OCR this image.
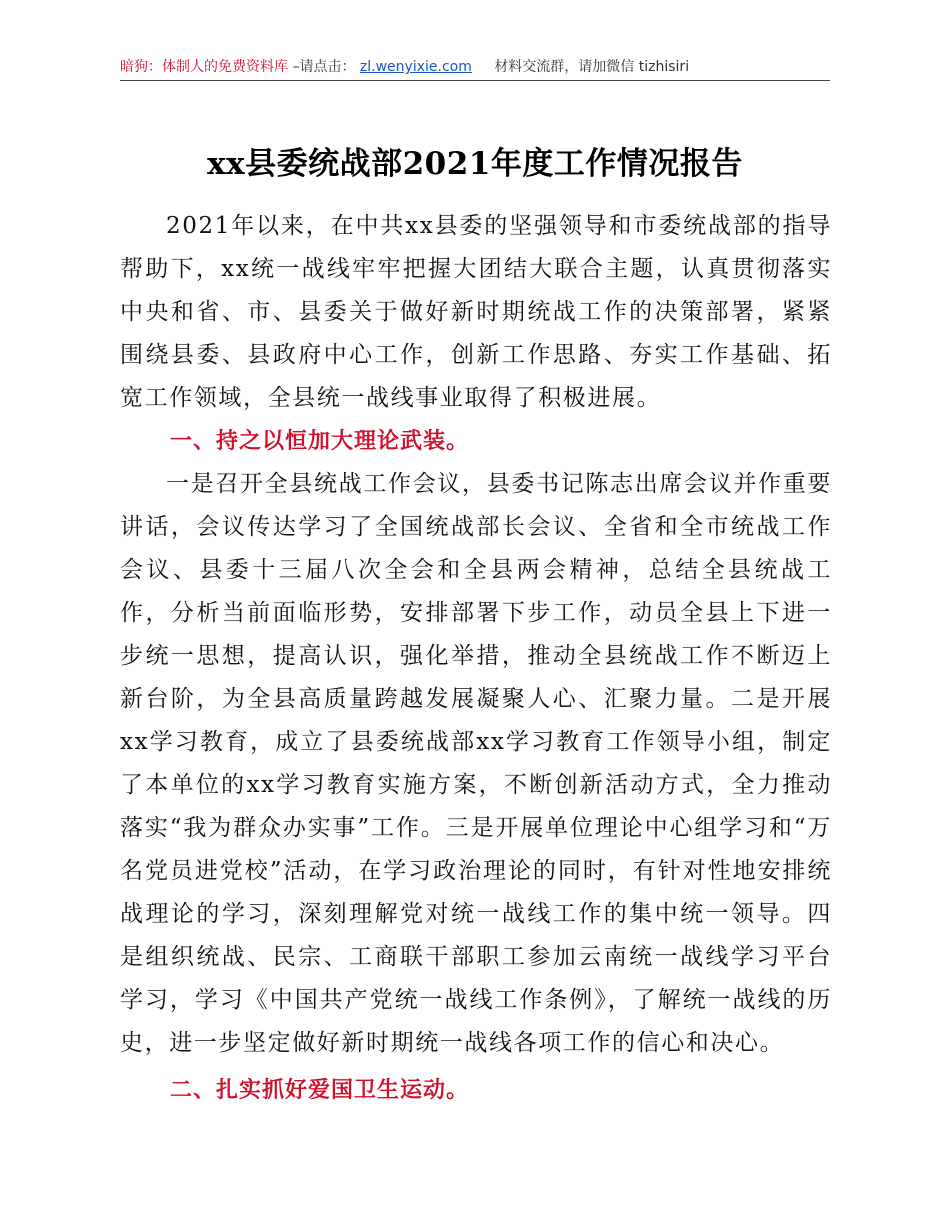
暗狗：体制人的免费资料库 –请点击： zl.wenyixie.com 材料交流群，请加微信 tizhisiri
xx县委统战部2021年度工作情况报告

2021年以来，在中共xx县委的坚强领导和市委统战部的指导帮助下，xx统一战线牢牢把握大团结大联合主题，认真贯彻落实中央和省、市、县委关于做好新时期统战工作的决策部署，紧紧围绕县委、县政府中心工作，创新工作思路、夯实工作基础、拓宽工作领域，全县统一战线事业取得了积极进展。

一、持之以恒加大理论武装。

一是召开全县统战工作会议，县委书记陈志出席会议并作重要讲话，会议传达学习了全国统战部长会议、全省和全市统战工作会议、县委十三届八次全会和全县两会精神，总结全县统战工作，分析当前面临形势，安排部署下步工作，动员全县上下进一步统一思想，提高认识，强化举措，推动全县统战工作不断迈上新台阶，为全县高质量跨越发展凝聚人心、汇聚力量。二是开展xx学习教育，成立了县委统战部xx学习教育工作领导小组，制定了本单位的xx学习教育实施方案，不断创新活动方式，全力推动落实“我为群众办实事”工作。三是开展单位理论中心组学习和“万名党员进党校”活动，在学习政治理论的同时，有针对性地安排统战理论的学习，深刻理解党对统一战线工作的集中统一领导。四是组织统战、民宗、工商联干部职工参加云南统一战线学习平台学习，学习《中国共产党统一战线工作条例》，了解统一战线的历史，进一步坚定做好新时期统一战线各项工作的信心和决心。

二、扎实抓好爱国卫生运动。
